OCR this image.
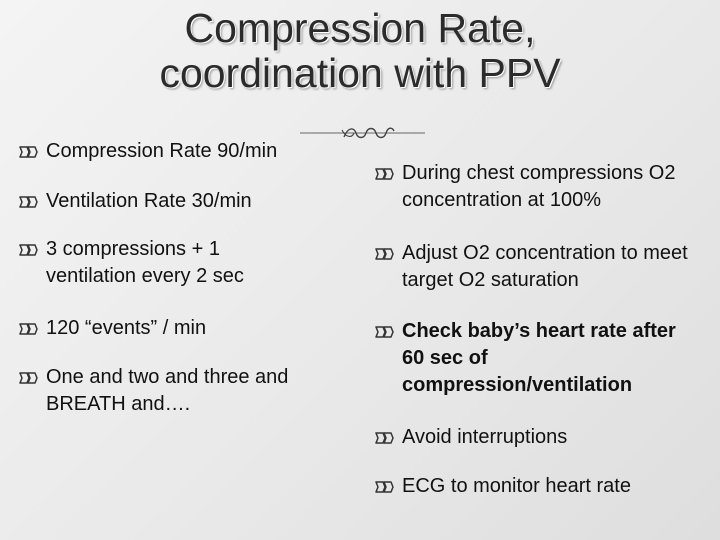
Compression Rate,
coordination with PPV
Compression Rate 90/min
Ventilation Rate 30/min
3 compressions + 1 ventilation every 2 sec
120 “events” / min
One and two and three and BREATH and….
During chest compressions O2 concentration at 100%
Adjust O2 concentration to meet target O2 saturation
Check baby’s heart rate after 60 sec of compression/ventilation
Avoid interruptions
ECG to monitor heart rate
